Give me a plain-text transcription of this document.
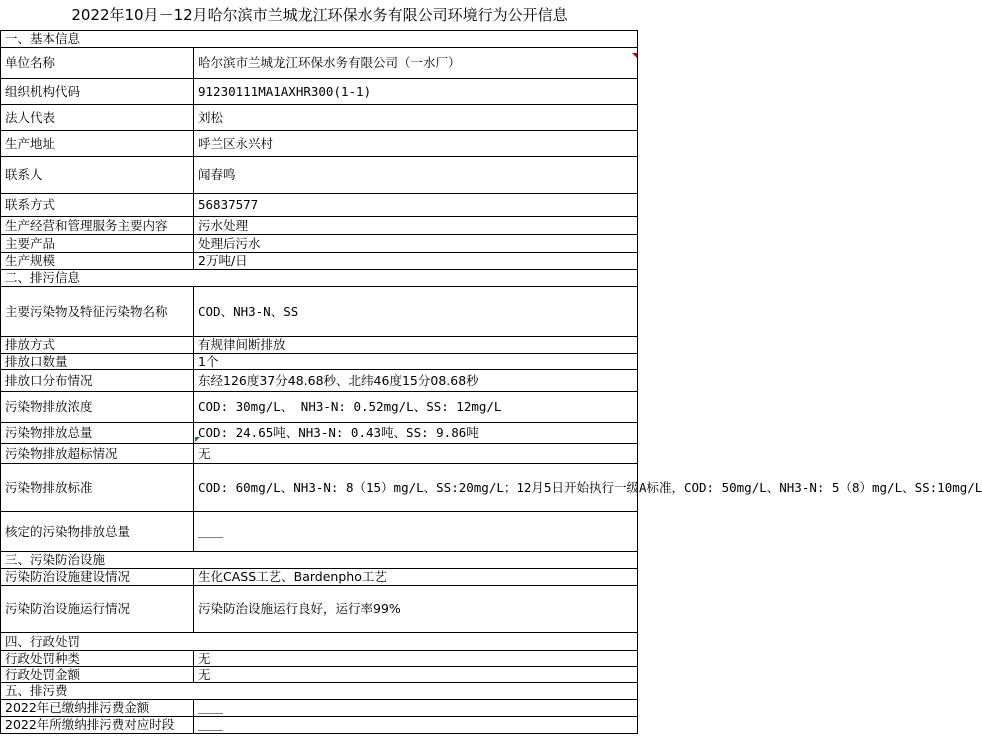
2022年10月－12月哈尔滨市兰城龙江环保水务有限公司环境行为公开信息
一、基本信息	
单位名称	哈尔滨市兰城龙江环保水务有限公司（一水厂）
组织机构代码	91230111MA1AXHR300(1-1)
法人代表	刘松
生产地址	呼兰区永兴村
联系人	闻春鸣
联系方式	56837577
生产经营和管理服务主要内容	污水处理
主要产品	处理后污水
生产规模	2万吨/日
二、排污信息	
主要污染物及特征污染物名称	COD、NH3-N、SS
排放方式	有规律间断排放
排放口数量	1个
排放口分布情况	东经126度37分48.68秒、北纬46度15分08.68秒
污染物排放浓度	COD: 30mg/L、 NH3-N: 0.52mg/L、SS: 12mg/L
污染物排放总量	COD: 24.65吨、NH3-N: 0.43吨、SS: 9.86吨
污染物排放超标情况	无
污染物排放标准	COD: 60mg/L、NH3-N: 8（15）mg/L、SS:20mg/L；12月5日开始执行一级A标准，COD: 50mg/L、NH3-N: 5（8）mg/L、SS:10mg/L
核定的污染物排放总量	＿＿
三、污染防治设施	
污染防治设施建设情况	生化CASS工艺、Bardenpho工艺
污染防治设施运行情况	污染防治设施运行良好，运行率99%
四、行政处罚	
行政处罚种类	无
行政处罚金额	无
五、排污费	
2022年已缴纳排污费金额	＿＿
2022年所缴纳排污费对应时段	＿＿
